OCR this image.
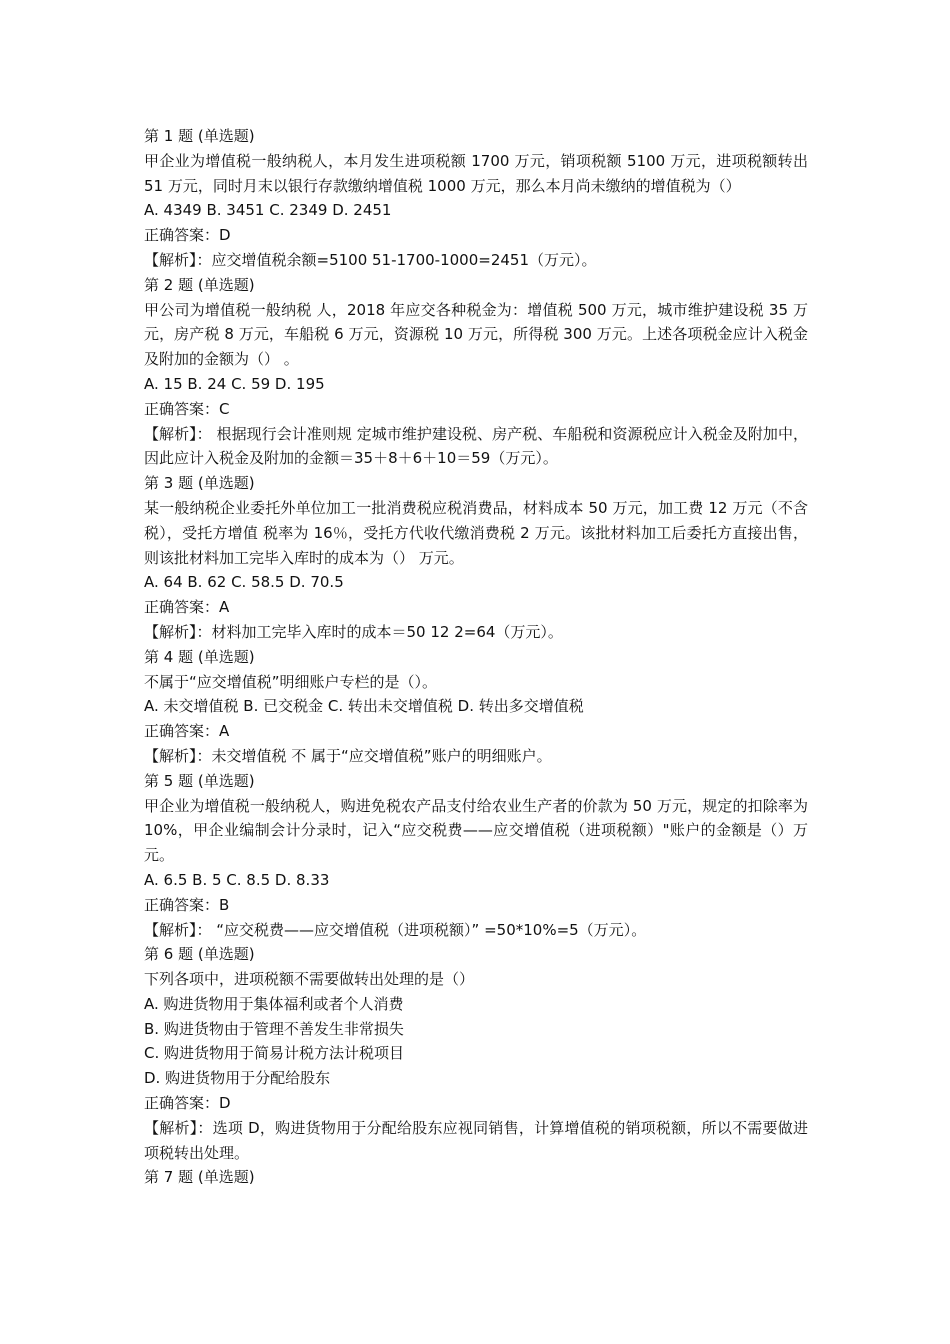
第 1 题 (单选题)
甲企业为增值税一般纳税人，本月发生进项税额 1700 万元，销项税额 5100 万元，进项税额转出 51 万元，同时月末以银行存款缴纳增值税 1000 万元，那么本月尚未缴纳的增值税为（）
A. 4349 B. 3451 C. 2349 D. 2451
正确答案：D
【解析】：应交增值税余额=5100 51-1700-1000=2451（万元）。
第 2 题 (单选题)
甲公司为增值税一般纳税 人，2018 年应交各种税金为：增值税 500 万元，城市维护建设税 35 万元，房产税 8 万元，车船税 6 万元，资源税 10 万元，所得税 300 万元。上述各项税金应计入税金及附加的金额为（） 。
A. 15 B. 24 C. 59 D. 195
正确答案：C
【解析】： 根据现行会计准则规 定城市维护建设税、房产税、车船税和资源税应计入税金及附加中，因此应计入税金及附加的金额＝35＋8＋6＋10＝59（万元）。
第 3 题 (单选题)
某一般纳税企业委托外单位加工一批消费税应税消费品，材料成本 50 万元，加工费 12 万元（不含税），受托方增值 税率为 16％，受托方代收代缴消费税 2 万元。该批材料加工后委托方直接出售，则该批材料加工完毕入库时的成本为（） 万元。
A. 64 B. 62 C. 58.5 D. 70.5
正确答案：A
【解析】：材料加工完毕入库时的成本＝50 12 2=64（万元）。
第 4 题 (单选题)
不属于“应交增值税”明细账户专栏的是（）。
A. 未交增值税 B. 已交税金 C. 转出未交增值税 D. 转出多交增值税
正确答案：A
【解析】：未交增值税 不 属于“应交增值税”账户的明细账户。
第 5 题 (单选题)
甲企业为增值税一般纳税人，购进免税农产品支付给农业生产者的价款为 50 万元，规定的扣除率为 10%，甲企业编制会计分录时，记入“应交税费——应交增值税（进项税额）"账户的金额是（）万元。
A. 6.5 B. 5 C. 8.5 D. 8.33
正确答案：B
【解析】： “应交税费——应交增值税（进项税额）” =50*10%=5（万元）。
第 6 题 (单选题)
下列各项中，进项税额不需要做转出处理的是（）
A. 购进货物用于集体福利或者个人消费
B. 购进货物由于管理不善发生非常损失
C. 购进货物用于简易计税方法计税项目
D. 购进货物用于分配给股东
正确答案：D
【解析】：选项 D，购进货物用于分配给股东应视同销售，计算增值税的销项税额，所以不需要做进项税转出处理。
第 7 题 (单选题)
